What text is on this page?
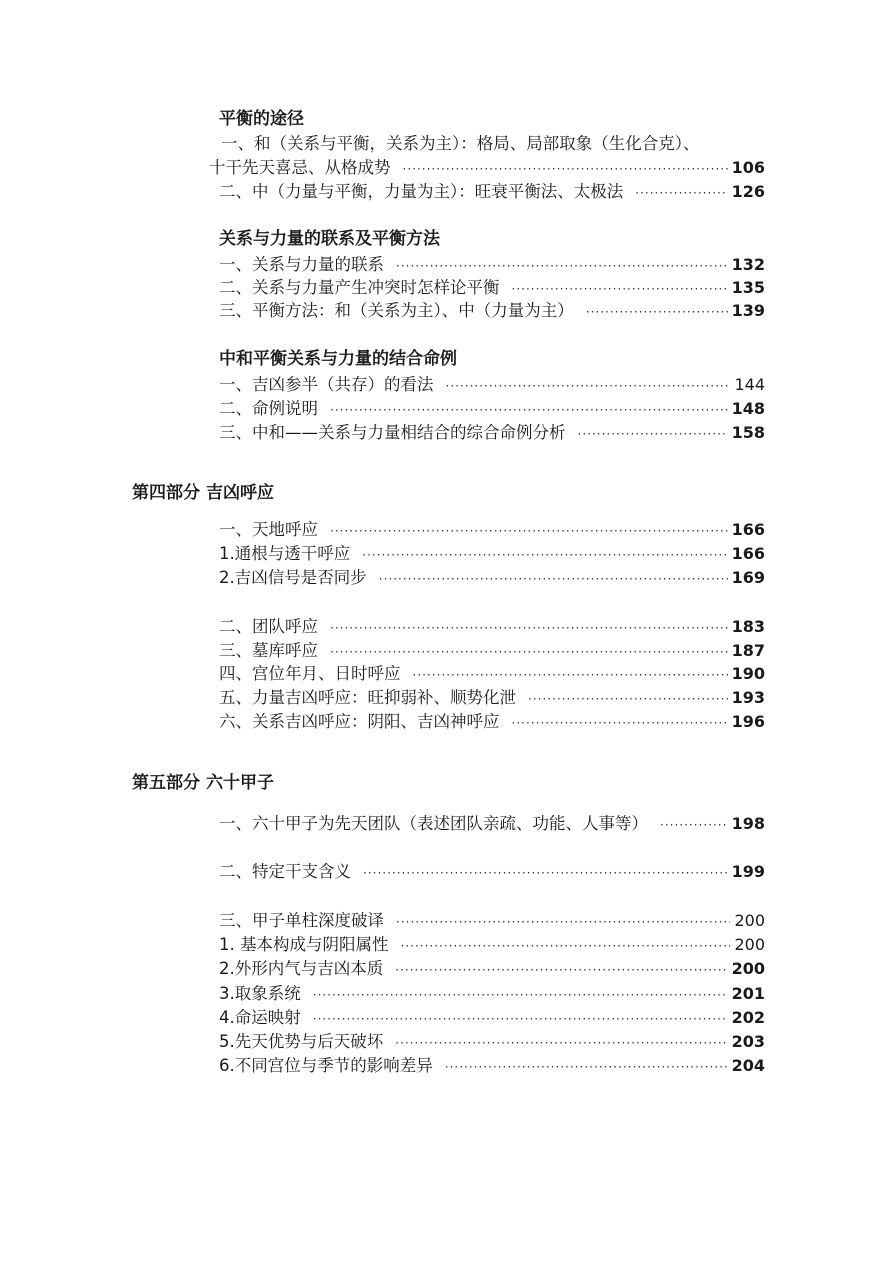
平衡的途径
一、和（关系与平衡，关系为主）：格局、局部取象（生化合克）、
十干先天喜忌、从格成势 ·····	106
二、中（力量与平衡，力量为主）：旺衰平衡法、太极法 ·····	126
关系与力量的联系及平衡方法
一、关系与力量的联系 ·····	132
二、关系与力量产生冲突时怎样论平衡 ·····	135
三、平衡方法：和（关系为主）、中（力量为主） ·····	139
中和平衡关系与力量的结合命例
一、吉凶参半（共存）的看法 ·····	144
二、命例说明 ·····	148
三、中和——关系与力量相结合的综合命例分析 ·····	158
第四部分 吉凶呼应
一、天地呼应 ·····	166
1.通根与透干呼应 ·····	166
2.吉凶信号是否同步 ·····	169
二、团队呼应 ·····	183
三、墓库呼应 ·····	187
四、宫位年月、日时呼应 ·····	190
五、力量吉凶呼应：旺抑弱补、顺势化泄 ·····	193
六、关系吉凶呼应：阴阳、吉凶神呼应 ·····	196
第五部分 六十甲子
一、六十甲子为先天团队（表述团队亲疏、功能、人事等） ·····	198
二、特定干支含义 ·····	199
三、甲子单柱深度破译 ·····	200
1. 基本构成与阴阳属性 ·····	200
2.外形内气与吉凶本质 ·····	200
3.取象系统 ·····	201
4.命运映射 ·····	202
5.先天优势与后天破坏 ·····	203
6.不同宫位与季节的影响差异 ·····	204
